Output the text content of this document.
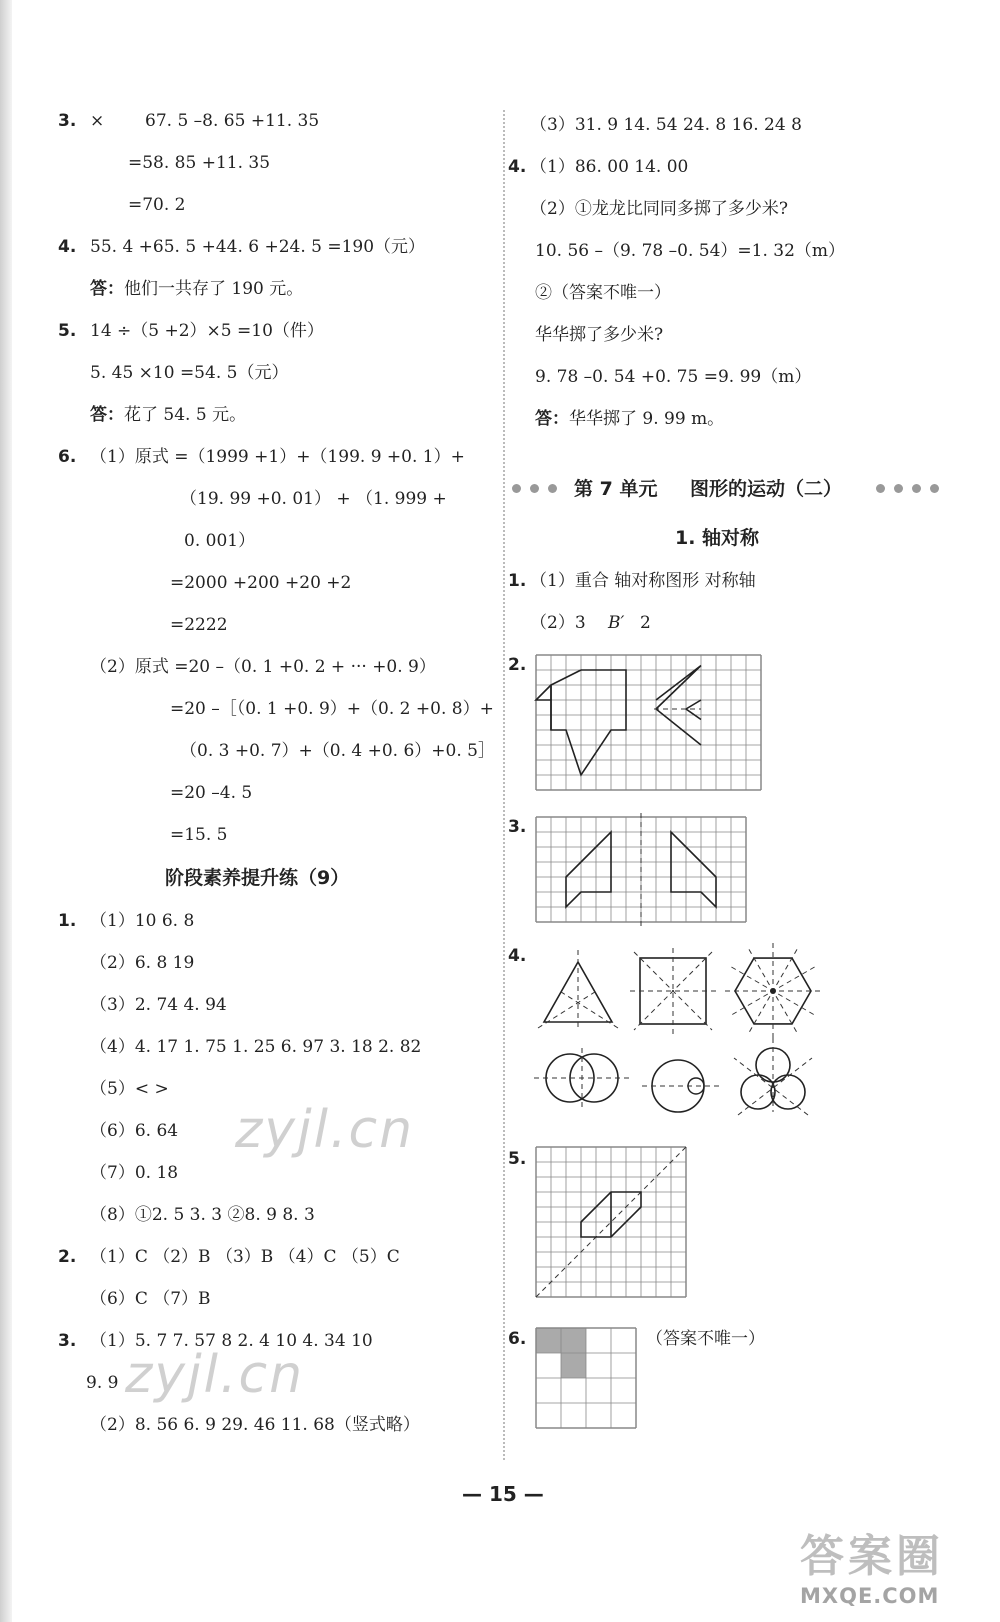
3. × 67. 5 –8. 65 +11. 35
=58. 85 +11. 35
=70. 2
4. 55. 4 +65. 5 +44. 6 +24. 5 =190（元）
答： 他们一共存了 190 元。
5. 14 ÷（5 +2）×5 =10（件）
5. 45 ×10 =54. 5（元）
答： 花了 54. 5 元。
6. （1）原式 =（1999 +1）+（199. 9 +0. 1）+
（19. 99 +0. 01） + （1. 999 +
0. 001）
=2000 +200 +20 +2
=2222
（2）原式 =20 –（0. 1 +0. 2 + ··· +0. 9）
=20 –［（0. 1 +0. 9）+（0. 2 +0. 8）+
（0. 3 +0. 7）+（0. 4 +0. 6）+0. 5］
=20 –4. 5
=15. 5
阶段素养提升练（9）
1. （1）10 6. 8
（2）6. 8 19
（3）2. 74 4. 94
（4）4. 17 1. 75 1. 25 6. 97 3. 18 2. 82
（5）< >
（6）6. 64
（7）0. 18
（8）①2. 5 3. 3 ②8. 9 8. 3
2. （1）C （2）B （3）B （4）C （5）C
（6）C （7）B
3. （1）5. 7 7. 57 8 2. 4 10 4. 34 10
9. 9
（2）8. 56 6. 9 29. 46 11. 68（竖式略）
（3）31. 9 14. 54 24. 8 16. 24 8
4. （1）86. 00 14. 00
（2）①龙龙比同同多掷了多少米?
10. 56 –（9. 78 –0. 54）=1. 32（m）
②（答案不唯一）
华华掷了多少米?
9. 78 –0. 54 +0. 75 =9. 99（m）
答： 华华掷了 9. 99 m。
第 7 单元 图形的运动（二）
1. 轴对称
1. （1）重合 轴对称图形 对称轴
（2）3 B′ 2
2.
3.
4.
5.
6.	（答案不唯一）
zyjl.cn
zyjl.cn
答案圈
MXQE.COM
— 15 —
